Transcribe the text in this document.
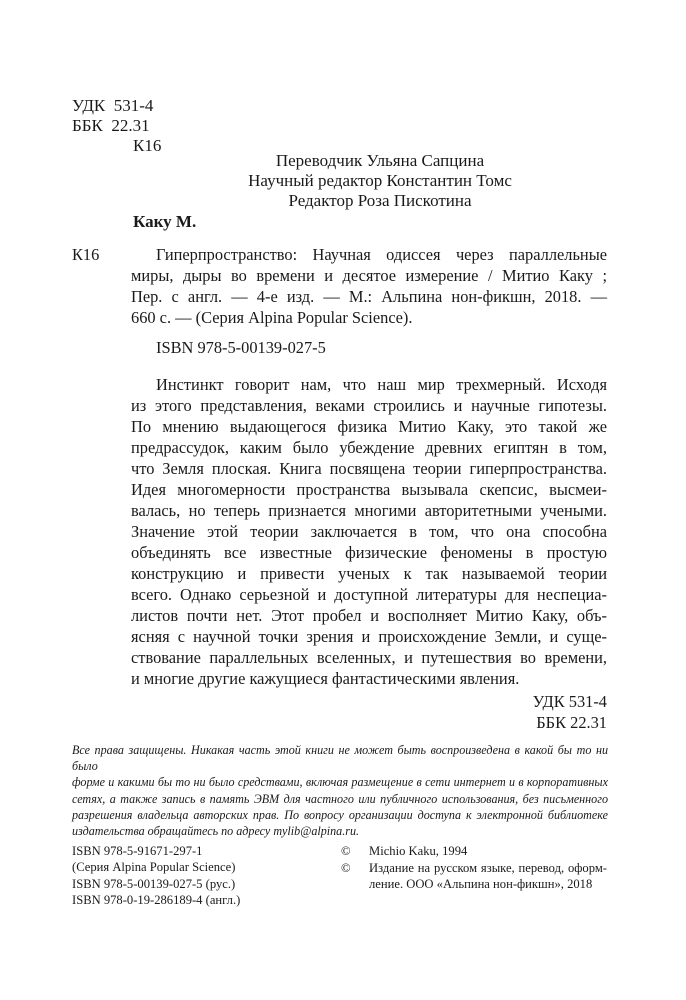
УДК 531-4
ББК 22.31
К16
Переводчик Ульяна Сапцина
Научный редактор Константин Томс
Редактор Роза Пискотина
Каку М.
К16	Гиперпространство: Научная одиссея через параллельные
миры, дыры во времени и десятое измерение / Митио Каку ;
Пер. с англ. — 4-е изд. — М.: Альпина нон-фикшн, 2018. —
660 с. — (Серия Alpina Popular Science).
ISBN 978-5-00139-027-5
Инстинкт говорит нам, что наш мир трехмерный. Исходя
из этого представления, веками строились и научные гипотезы.
По мнению выдающегося физика Митио Каку, это такой же
предрассудок, каким было убеждение древних египтян в том,
что Земля плоская. Книга посвящена теории гиперпространства.
Идея многомерности пространства вызывала скепсис, высмеи-
валась, но теперь признается многими авторитетными учеными.
Значение этой теории заключается в том, что она способна
объединять все известные физические феномены в простую
конструкцию и привести ученых к так называемой теории
всего. Однако серьезной и доступной литературы для неспециа-
листов почти нет. Этот пробел и восполняет Митио Каку, объ-
ясняя с научной точки зрения и происхождение Земли, и суще-
ствование параллельных вселенных, и путешествия во времени,
и многие другие кажущиеся фантастическими явления.
УДК 531-4
ББК 22.31
Все права защищены. Никакая часть этой книги не может быть воспроизведена в какой бы то ни было
форме и какими бы то ни было средствами, включая размещение в сети интернет и в корпоративных
сетях, а также запись в память ЭВМ для частного или публичного использования, без письменного
разрешения владельца авторских прав. По вопросу организации доступа к электронной библиотеке
издательства обращайтесь по адресу mylib@alpina.ru.
ISBN 978-5-91671-297-1
(Серия Alpina Popular Science)
ISBN 978-5-00139-027-5 (рус.)
ISBN 978-0-19-286189-4 (англ.)
© Michio Kaku, 1994
© Издание на русском языке, перевод, оформ-
ление. ООО «Альпина нон-фикшн», 2018
